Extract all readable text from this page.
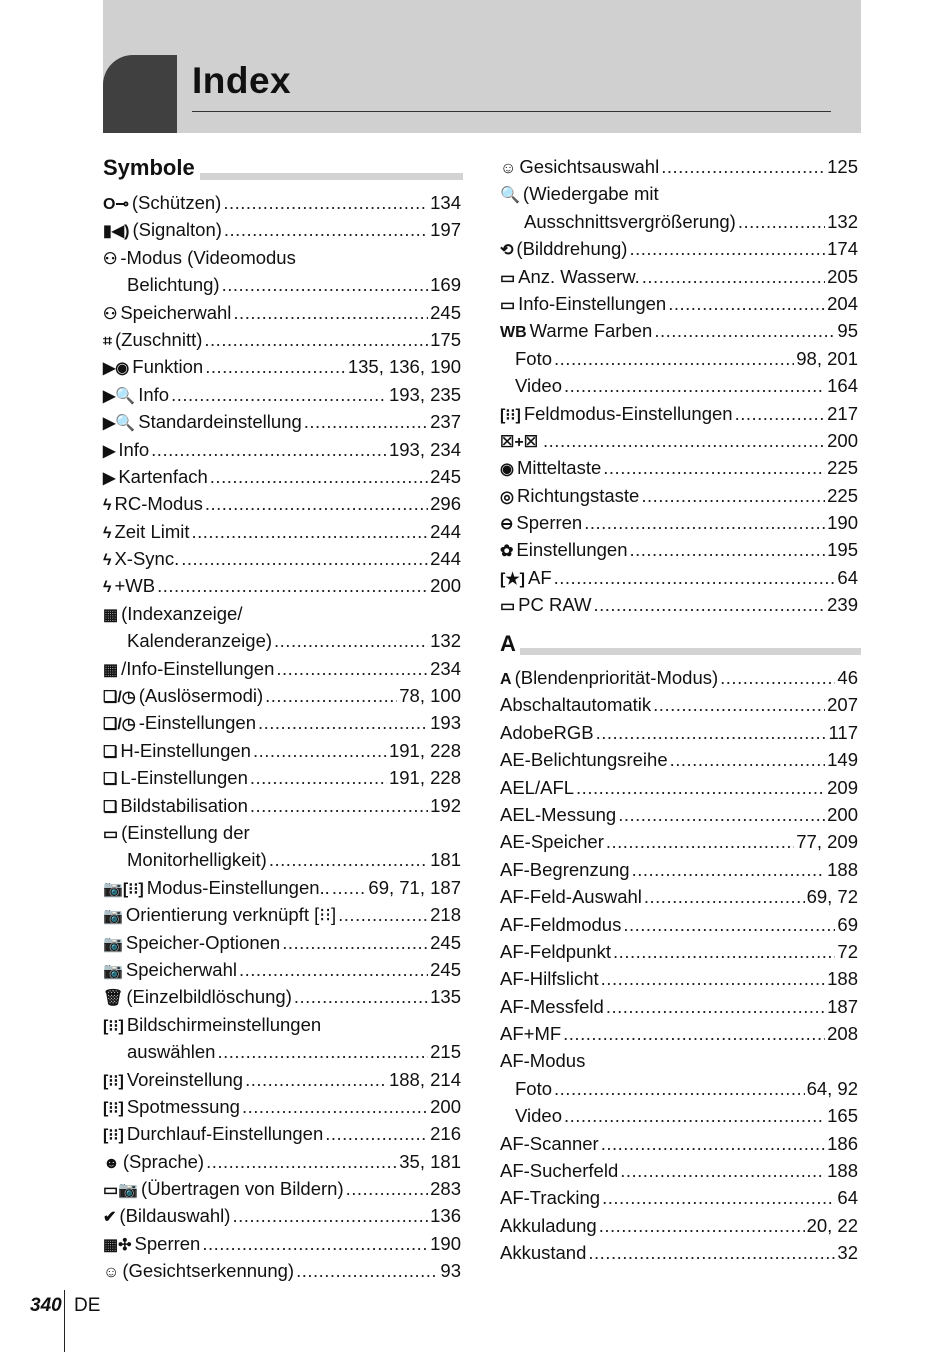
Index
Symbole
O⊸ (Schützen) .....	134
▮◀) (Signalton) .....	197
⚇ -Modus (Videomodus
Belichtung) .....	169
⚇ Speicherwahl .....	245
⌗ (Zuschnitt) .....	175
▶◉ Funktion .....	135, 136, 190
▶🔍 Info .....	193, 235
▶🔍 Standardeinstellung .....	237
▶ Info .....	193, 234
▶ Kartenfach .....	245
ϟ RC-Modus .....	296
ϟ Zeit Limit .....	244
ϟ X-Sync. .....	244
ϟ +WB .....	200
▦ (Indexanzeige/
Kalenderanzeige) .....	132
▦ /Info-Einstellungen .....	234
❏/◷ (Auslösermodi) .....	78, 100
❏/◷ -Einstellungen .....	193
❏ H-Einstellungen .....	191, 228
❏ L-Einstellungen .....	191, 228
❏ Bildstabilisation .....	192
▭ (Einstellung der
Monitorhelligkeit) .....	181
📷[⁝⁝] Modus-Einstellungen.. ..... 69, 71, 187
📷 Orientierung verknüpft [⁝⁝] .....	218
📷 Speicher-Optionen .....	245
📷 Speicherwahl .....	245
🗑 (Einzelbildlöschung) .....	135
[⁝⁝] Bildschirmeinstellungen
auswählen .....	215
[⁝⁝] Voreinstellung .....	188, 214
[⁝⁝] Spotmessung .....	200
[⁝⁝] Durchlauf-Einstellungen .....	216
☻ (Sprache) .....	35, 181
▭📷 (Übertragen von Bildern) .....	283
✔ (Bildauswahl) .....	136
▦✣ Sperren .....	190
☺ (Gesichtserkennung) .....	93
☺ Gesichtsauswahl .....	125
🔍 (Wiedergabe mit
Ausschnittsvergrößerung) .....	132
⟲ (Bilddrehung) .....	174
▭ Anz. Wasserw. .....	205
▭ Info-Einstellungen .....	204
WB Warme Farben .....	95
Foto .....	98, 201
Video .....	164
[⁝⁝] Feldmodus-Einstellungen .....	217
☒+☒ .....	200
◉ Mitteltaste .....	225
◎ Richtungstaste .....	225
⊖ Sperren .....	190
✿ Einstellungen .....	195
[★] AF .....	64
▭ PC RAW .....	239
A
A (Blendenpriorität-Modus) .....	46
Abschaltautomatik .....	207
AdobeRGB .....	117
AE-Belichtungsreihe .....	149
AEL/AFL .....	209
AEL-Messung .....	200
AE-Speicher .....	77, 209
AF-Begrenzung .....	188
AF-Feld-Auswahl .....	69, 72
AF-Feldmodus .....	69
AF-Feldpunkt .....	72
AF-Hilfslicht .....	188
AF-Messfeld .....	187
AF+MF .....	208
AF-Modus
Foto .....	64, 92
Video .....	165
AF-Scanner .....	186
AF-Sucherfeld .....	188
AF-Tracking .....	64
Akkuladung .....	20, 22
Akkustand .....	32
340 DE
